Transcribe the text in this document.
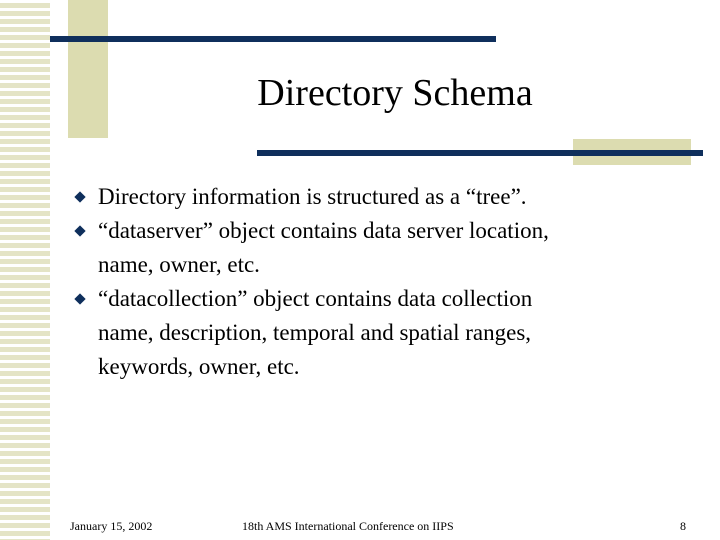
Directory Schema
Directory information is structured as a “tree”.
“dataserver” object contains data server location,
name, owner, etc.
“datacollection” object contains data collection
name, description, temporal and spatial ranges,
keywords, owner, etc.
January 15, 2002	18th AMS International Conference on IIPS	8
